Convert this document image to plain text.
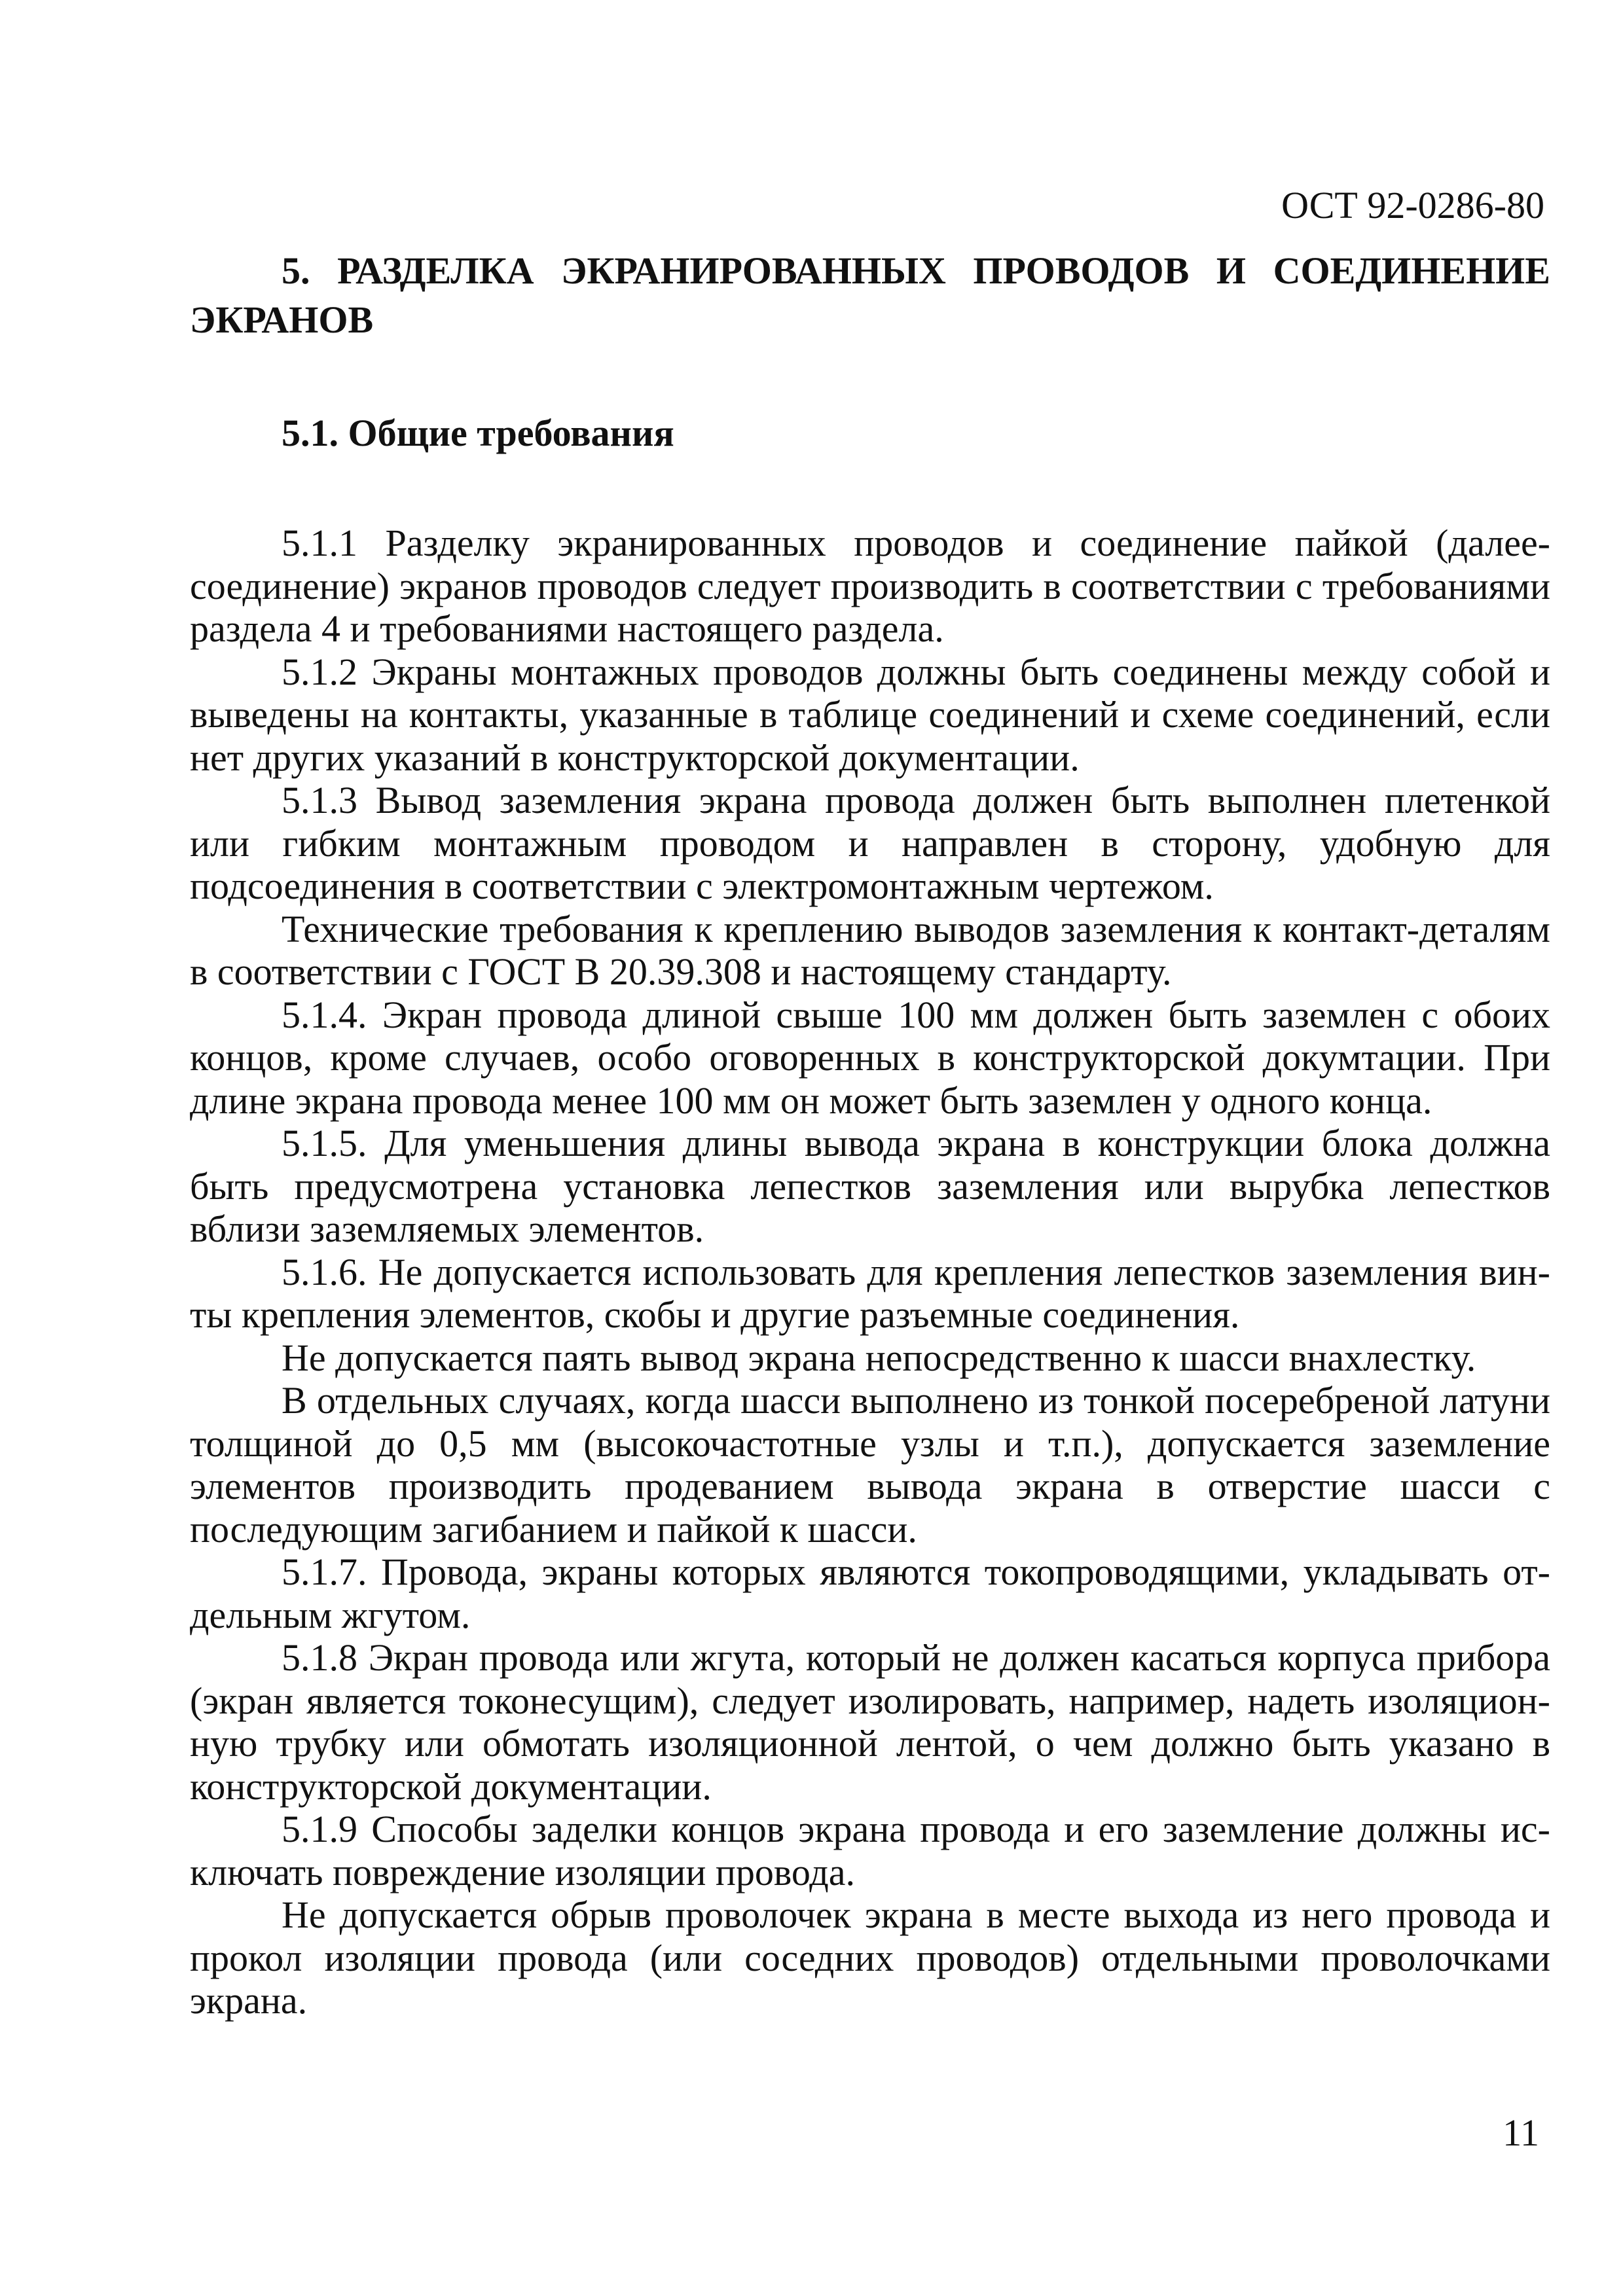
ОСТ 92-0286-80
5. РАЗДЕЛКА ЭКРАНИРОВАННЫХ ПРОВОДОВ И СОЕДИНЕНИЕ ЭКРАНОВ
5.1. Общие требования

5.1.1 Разделку экранированных проводов и соединение пайкой (далее-соединение) экранов проводов следует производить в соответствии с требованиями раздела 4 и требованиями настоящего раздела.

5.1.2 Экраны монтажных проводов должны быть соединены между собой и выведены на контакты, указанные в таблице соединений и схеме соединений, если нет других указаний в конструкторской документации.

5.1.3 Вывод заземления экрана провода должен быть выполнен плетенкой или гибким монтажным проводом и направлен в сторону, удобную для подсоединения в соответствии с электромонтажным чертежом.

Технические требования к креплению выводов заземления к контакт-деталям в соответствии с ГОСТ В 20.39.308 и настоящему стандарту.

5.1.4. Экран провода длиной свыше 100 мм должен быть заземлен с обоих концов, кроме случаев, особо оговоренных в конструкторской докумтации. При длине экрана провода менее 100 мм он может быть заземлен у одного конца.

5.1.5. Для уменьшения длины вывода экрана в конструкции блока должна быть предусмотрена установка лепестков заземления или вырубка лепестков вблизи заземляемых элементов.

5.1.6. Не допускается использовать для крепления лепестков заземления винты крепления элементов, скобы и другие разъемные соединения.

Не допускается паять вывод экрана непосредственно к шасси внахлестку.

В отдельных случаях, когда шасси выполнено из тонкой посеребреной латуни толщиной до 0,5 мм (высокочастотные узлы и т.п.), допускается заземление элементов производить продеванием вывода экрана в отверстие шасси с последующим загибанием и пайкой к шасси.

5.1.7. Провода, экраны которых являются токопроводящими, укладывать отдельным жгутом.

5.1.8 Экран провода или жгута, который не должен касаться корпуса прибора (экран является токонесущим), следует изолировать, например, надеть изоляционную трубку или обмотать изоляционной лентой, о чем должно быть указано в конструкторской документации.

5.1.9 Способы заделки концов экрана провода и его заземление должны исключать повреждение изоляции провода.

Не допускается обрыв проволочек экрана в месте выхода из него провода и прокол изоляции провода (или соседних проводов) отдельными проволочками экрана.

11
